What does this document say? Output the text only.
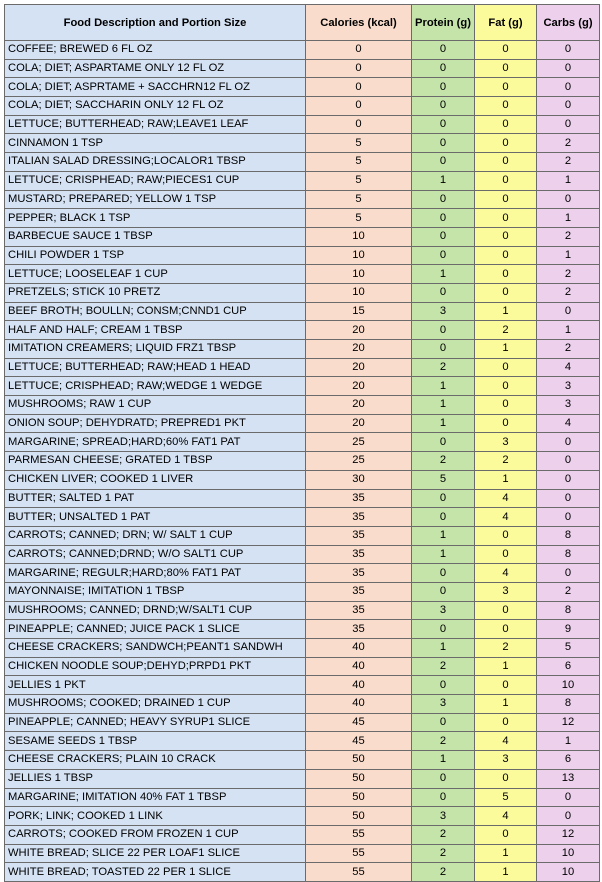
Food Description and Portion Size	Calories (kcal)	Protein (g)	Fat (g)	Carbs (g)
COFFEE; BREWED 6 FL OZ	0	0	0	0
COLA; DIET; ASPARTAME ONLY 12 FL OZ	0	0	0	0
COLA; DIET; ASPRTAME + SACCHRN12 FL OZ	0	0	0	0
COLA; DIET; SACCHARIN ONLY 12 FL OZ	0	0	0	0
LETTUCE; BUTTERHEAD; RAW;LEAVE1 LEAF	0	0	0	0
CINNAMON 1 TSP	5	0	0	2
ITALIAN SALAD DRESSING;LOCALOR1 TBSP	5	0	0	2
LETTUCE; CRISPHEAD; RAW;PIECES1 CUP	5	1	0	1
MUSTARD; PREPARED; YELLOW 1 TSP	5	0	0	0
PEPPER; BLACK 1 TSP	5	0	0	1
BARBECUE SAUCE 1 TBSP	10	0	0	2
CHILI POWDER 1 TSP	10	0	0	1
LETTUCE; LOOSELEAF 1 CUP	10	1	0	2
PRETZELS; STICK 10 PRETZ	10	0	0	2
BEEF BROTH; BOULLN; CONSM;CNND1 CUP	15	3	1	0
HALF AND HALF; CREAM 1 TBSP	20	0	2	1
IMITATION CREAMERS; LIQUID FRZ1 TBSP	20	0	1	2
LETTUCE; BUTTERHEAD; RAW;HEAD 1 HEAD	20	2	0	4
LETTUCE; CRISPHEAD; RAW;WEDGE 1 WEDGE	20	1	0	3
MUSHROOMS; RAW 1 CUP	20	1	0	3
ONION SOUP; DEHYDRATD; PREPRED1 PKT	20	1	0	4
MARGARINE; SPREAD;HARD;60% FAT1 PAT	25	0	3	0
PARMESAN CHEESE; GRATED 1 TBSP	25	2	2	0
CHICKEN LIVER; COOKED 1 LIVER	30	5	1	0
BUTTER; SALTED 1 PAT	35	0	4	0
BUTTER; UNSALTED 1 PAT	35	0	4	0
CARROTS; CANNED; DRN; W/ SALT 1 CUP	35	1	0	8
CARROTS; CANNED;DRND; W/O SALT1 CUP	35	1	0	8
MARGARINE; REGULR;HARD;80% FAT1 PAT	35	0	4	0
MAYONNAISE; IMITATION 1 TBSP	35	0	3	2
MUSHROOMS; CANNED; DRND;W/SALT1 CUP	35	3	0	8
PINEAPPLE; CANNED; JUICE PACK 1 SLICE	35	0	0	9
CHEESE CRACKERS; SANDWCH;PEANT1 SANDWH	40	1	2	5
CHICKEN NOODLE SOUP;DEHYD;PRPD1 PKT	40	2	1	6
JELLIES 1 PKT	40	0	0	10
MUSHROOMS; COOKED; DRAINED 1 CUP	40	3	1	8
PINEAPPLE; CANNED; HEAVY SYRUP1 SLICE	45	0	0	12
SESAME SEEDS 1 TBSP	45	2	4	1
CHEESE CRACKERS; PLAIN 10 CRACK	50	1	3	6
JELLIES 1 TBSP	50	0	0	13
MARGARINE; IMITATION 40% FAT 1 TBSP	50	0	5	0
PORK; LINK; COOKED 1 LINK	50	3	4	0
CARROTS; COOKED FROM FROZEN 1 CUP	55	2	0	12
WHITE BREAD; SLICE 22 PER LOAF1 SLICE	55	2	1	10
WHITE BREAD; TOASTED 22 PER 1 SLICE	55	2	1	10
